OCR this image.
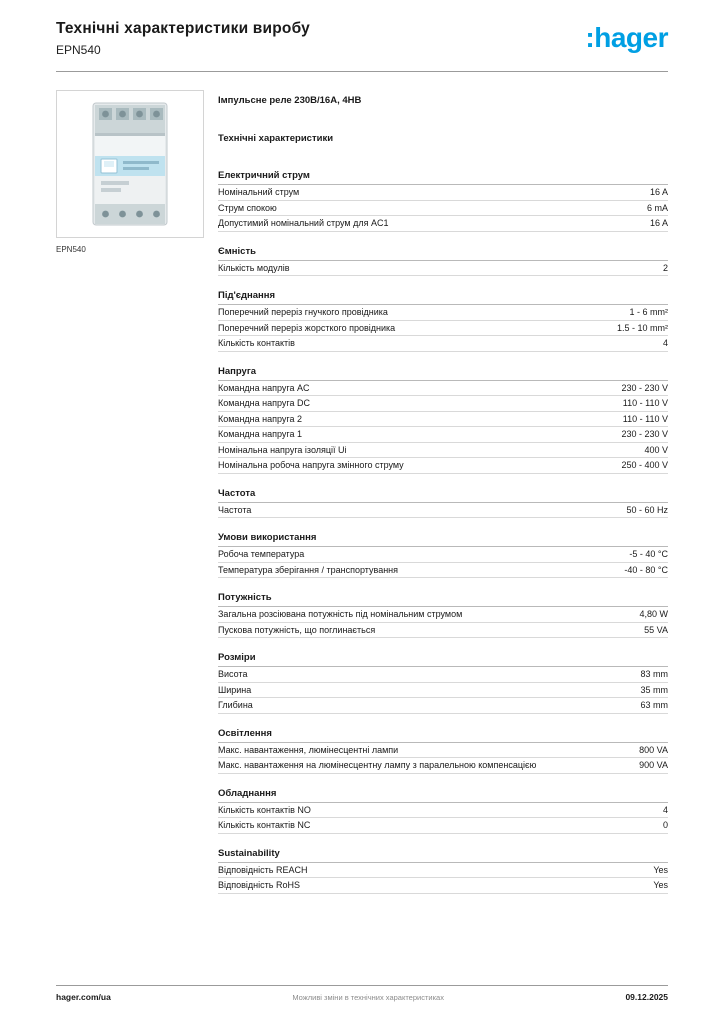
Технічні характеристики виробу
EPN540	:hager
EPN540
Імпульсне реле 230В/16А, 4НВ
Технічні характеристики
Електричний струм
Номінальний струм	16 A
Струм спокою	6 mA
Допустимий номінальний струм для AC1	16 A
Ємність
Кількість модулів	2
Під'єднання
Поперечний переріз гнучкого провідника	1 - 6 mm²
Поперечний переріз жорсткого провідника	1.5 - 10 mm²
Кількість контактів	4
Напруга
Командна напруга AC	230 - 230 V
Командна напруга DC	110 - 110 V
Командна напруга 2	110 - 110 V
Командна напруга 1	230 - 230 V
Номінальна напруга ізоляції Ui	400 V
Номінальна робоча напруга змінного струму	250 - 400 V
Частота
Частота	50 - 60 Hz
Умови використання
Робоча температура	-5 - 40 °C
Температура зберігання / транспортування	-40 - 80 °C
Потужність
Загальна розсіювана потужність під номінальним струмом	4,80 W
Пускова потужність, що поглинається	55 VA
Розміри
Висота	83 mm
Ширина	35 mm
Глибина	63 mm
Освітлення
Макс. навантаження, люмінесцентні лампи	800 VA
Макс. навантаження на люмінесцентну лампу з паралельною компенсацією	900 VA
Обладнання
Кількість контактів NO	4
Кількість контактів NC	0
Sustainability
Відповідність REACH	Yes
Відповідність RoHS	Yes
hager.com/ua	Можливі зміни в технічних характеристиках	09.12.2025
